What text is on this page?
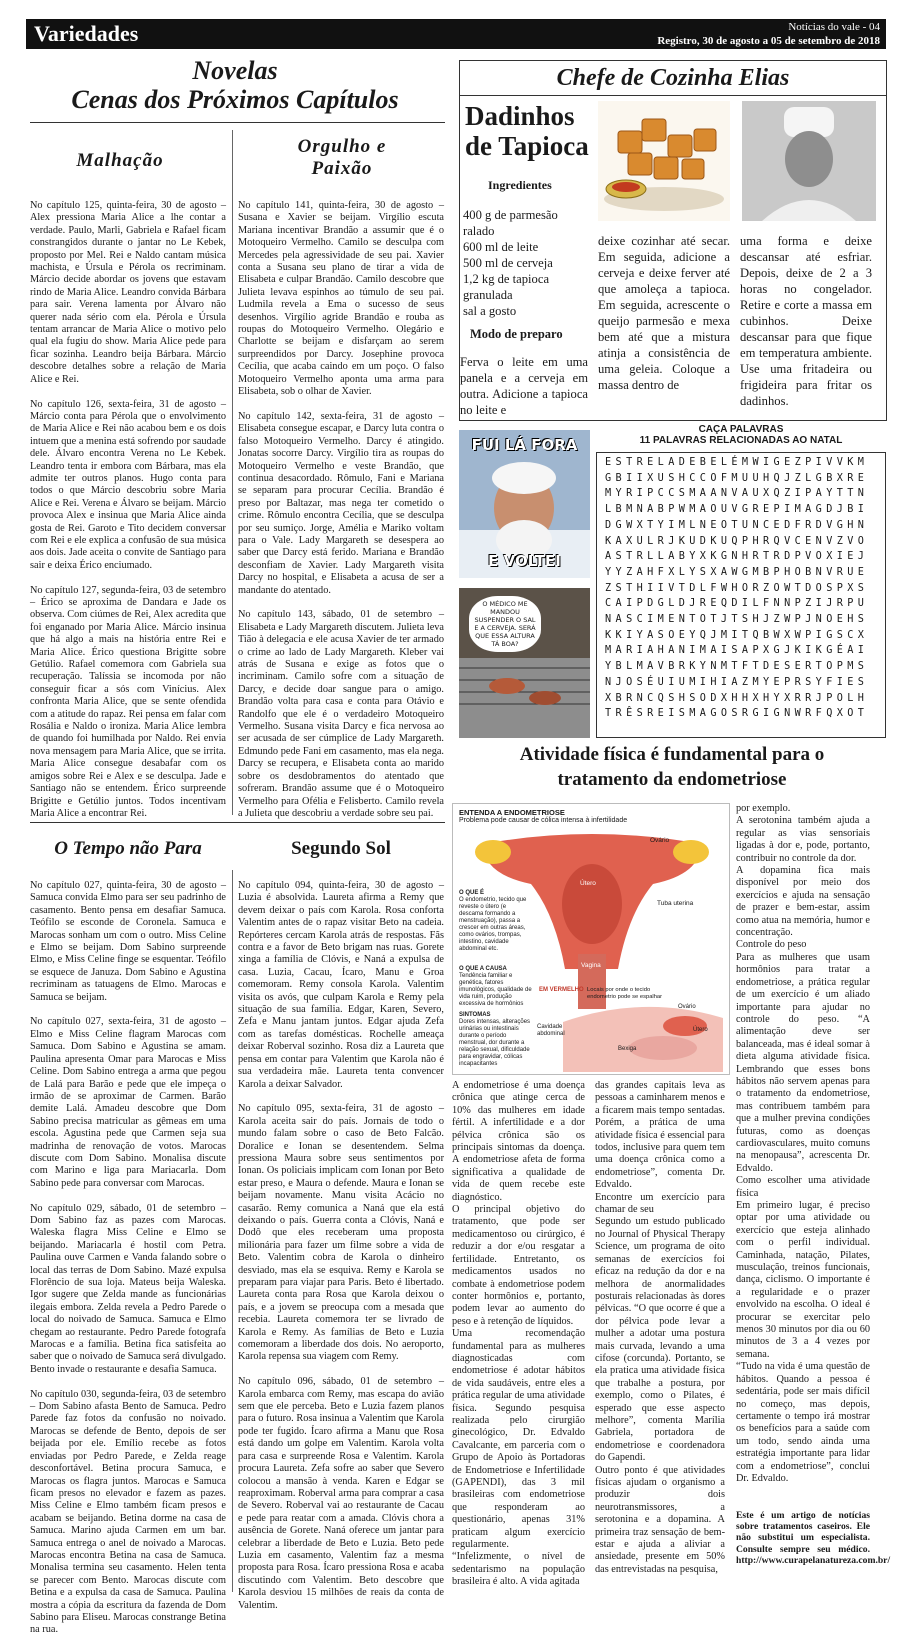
Variedades	Notícias do vale - 04
Registro, 30 de agosto a 05 de setembro de 2018
Novelas
Cenas dos Próximos Capítulos
Malhação
Orgulho e
Paixão
No capítulo 125, quinta-feira, 30 de agosto – Alex pressiona Maria Alice a lhe contar a verdade. Paulo, Marli, Gabriela e Rafael ficam constrangidos durante o jantar no Le Kebek, proposto por Mel. Rei e Naldo cantam música machista, e Úrsula e Pérola os recriminam. Márcio decide abordar os jovens que estavam rindo de Maria Alice. Leandro convida Bárbara para sair. Verena lamenta por Álvaro não querer nada sério com ela. Pérola e Úrsula tentam arrancar de Maria Alice o motivo pelo qual ela fugiu do show. Maria Alice pede para ficar sozinha. Leandro beija Bárbara. Márcio descobre detalhes sobre a relação de Maria Alice e Rei.

No capítulo 126, sexta-feira, 31 de agosto – Márcio conta para Pérola que o envolvimento de Maria Alice e Rei não acabou bem e os dois intuem que a menina está sofrendo por saudade dele. Álvaro encontra Verena no Le Kebek. Leandro tenta ir embora com Bárbara, mas ela admite ter outros planos. Hugo conta para todos o que Márcio descobriu sobre Maria Alice e Rei. Verena e Álvaro se beijam. Márcio provoca Alex e insinua que Maria Alice ainda gosta de Rei. Garoto e Tito decidem conversar com Rei e ele explica a confusão de sua música aos dois. Jade aceita o convite de Santiago para sair e deixa Érico enciumado.

No capítulo 127, segunda-feira, 03 de setembro – Érico se aproxima de Dandara e Jade os observa. Com ciúmes de Rei, Alex acredita que foi enganado por Maria Alice. Márcio insinua que há algo a mais na história entre Rei e Maria Alice. Érico questiona Brigitte sobre Getúlio. Rafael comemora com Gabriela sua recuperação. Talíssia se incomoda por não conseguir ficar a sós com Vinícius. Alex confronta Maria Alice, que se sente ofendida com a atitude do rapaz. Rei pensa em falar com Rosália e Naldo o ironiza. Maria Alice lembra de quando foi humilhada por Naldo. Rei envia nova mensagem para Maria Alice, que se irrita. Maria Alice consegue desabafar com os amigos sobre Rei e Alex e se desculpa. Jade e Santiago não se entendem. Érico surpreende Brigitte e Getúlio juntos. Todos incentivam Maria Alice a encontrar Rei.
No capítulo 141, quinta-feira, 30 de agosto – Susana e Xavier se beijam. Virgílio escuta Mariana incentivar Brandão a assumir que é o Motoqueiro Vermelho. Camilo se desculpa com Mercedes pela agressividade de seu pai. Xavier conta a Susana seu plano de tirar a vida de Elisabeta e culpar Brandão. Camilo descobre que Julieta levava espinhos ao túmulo de seu pai. Ludmila revela a Ema o sucesso de seus desenhos. Virgílio agride Brandão e rouba as roupas do Motoqueiro Vermelho. Olegário e Charlotte se beijam e disfarçam ao serem surpreendidos por Darcy. Josephine provoca Cecília, que acaba caindo em um poço. O falso Motoqueiro Vermelho aponta uma arma para Elisabeta, sob o olhar de Xavier.

No capítulo 142, sexta-feira, 31 de agosto – Elisabeta consegue escapar, e Darcy luta contra o falso Motoqueiro Vermelho. Darcy é atingido. Jonatas socorre Darcy. Virgílio tira as roupas do Motoqueiro Vermelho e veste Brandão, que continua desacordado. Rômulo, Fani e Mariana se separam para procurar Cecília. Brandão é preso por Baltazar, mas nega ter cometido o crime. Rômulo encontra Cecília, que se desculpa por seu sumiço. Jorge, Amélia e Mariko voltam para o Vale. Lady Margareth se desespera ao saber que Darcy está ferido. Mariana e Brandão desconfiam de Xavier. Lady Margareth visita Darcy no hospital, e Elisabeta a acusa de ser a mandante do atentado.

No capítulo 143, sábado, 01 de setembro – Elisabeta e Lady Margareth discutem. Julieta leva Tião à delegacia e ele acusa Xavier de ter armado o crime ao lado de Lady Margareth. Kleber vai atrás de Susana e exige as fotos que o incriminam. Camilo sofre com a situação de Darcy, e decide doar sangue para o amigo. Brandão volta para casa e conta para Otávio e Randolfo que ele é o verdadeiro Motoqueiro Vermelho. Susana visita Darcy e fica nervosa ao ser acusada de ser cúmplice de Lady Margareth. Edmundo pede Fani em casamento, mas ela nega. Darcy se recupera, e Elisabeta conta ao marido sobre os desdobramentos do atentado que sofreram. Brandão assume que é o Motoqueiro Vermelho para Ofélia e Felisberto. Camilo revela a Julieta que descobriu a verdade sobre seu pai.
O Tempo não Para	Segundo Sol
No capítulo 027, quinta-feira, 30 de agosto – Samuca convida Elmo para ser seu padrinho de casamento. Bento pensa em desafiar Samuca. Teófilo se esconde de Coronela. Samuca e Marocas sonham um com o outro. Miss Celine e Elmo se beijam. Dom Sabino surpreende Elmo, e Miss Celine finge se esquentar. Teófilo se esquece de Januza. Dom Sabino e Agustina recriminam as tatuagens de Elmo. Marocas e Samuca se beijam.

No capítulo 027, sexta-feira, 31 de agosto – Elmo e Miss Celine flagram Marocas com Samuca. Dom Sabino e Agustina se amam. Paulina apresenta Omar para Marocas e Miss Celine. Dom Sabino entrega a arma que pegou de Lalá para Barão e pede que ele impeça o irmão de se aproximar de Carmen. Barão demite Lalá. Amadeu descobre que Dom Sabino precisa matricular as gêmeas em uma escola. Agustina pede que Carmen seja sua madrinha de renovação de votos. Marocas discute com Dom Sabino. Monalisa discute com Marino e liga para Mariacarla. Dom Sabino pede para conversar com Marocas.

No capítulo 029, sábado, 01 de setembro – Dom Sabino faz as pazes com Marocas. Waleska flagra Miss Celine e Elmo se beijando. Mariacarla é hostil com Petra. Paulina ouve Carmen e Vanda falando sobre o local das terras de Dom Sabino. Mazé expulsa Florêncio de sua loja. Mateus beija Waleska. Igor sugere que Zelda mande as funcionárias ilegais embora. Zelda revela a Pedro Parede o local do noivado de Samuca. Samuca e Elmo chegam ao restaurante. Pedro Parede fotografa Marocas e a família. Betina fica satisfeita ao saber que o noivado de Samuca será divulgado. Bento invade o restaurante e desafia Samuca.

No capítulo 030, segunda-feira, 03 de setembro – Dom Sabino afasta Bento de Samuca. Pedro Parede faz fotos da confusão no noivado. Marocas se defende de Bento, depois de ser beijada por ele. Emílio recebe as fotos enviadas por Pedro Parede, e Zelda reage desconfortável. Betina procura Samuca, e Marocas os flagra juntos. Marocas e Samuca ficam presos no elevador e fazem as pazes. Miss Celine e Elmo também ficam presos e acabam se beijando. Betina dorme na casa de Samuca. Marino ajuda Carmen em um bar. Samuca entrega o anel de noivado a Marocas. Marocas encontra Betina na casa de Samuca. Monalisa termina seu casamento. Helen tenta se parecer com Bento. Marocas discute com Betina e a expulsa da casa de Samuca. Paulina mostra a cópia da escritura da fazenda de Dom Sabino para Eliseu. Marocas constrange Betina na rua.
No capítulo 094, quinta-feira, 30 de agosto – Luzia é absolvida. Laureta afirma a Remy que devem deixar o país com Karola. Rosa conforta Valentim antes de o rapaz visitar Beto na cadeia. Repórteres cercam Karola atrás de respostas. Fãs contra e a favor de Beto brigam nas ruas. Gorete xinga a família de Clóvis, e Naná a expulsa de casa. Luzia, Cacau, Ícaro, Manu e Groa comemoram. Remy consola Karola. Valentim visita os avós, que culpam Karola e Remy pela situação de sua família. Edgar, Karen, Severo, Zefa e Manu jantam juntos. Edgar ajuda Zefa com as tarefas domésticas. Rochelle ameaça deixar Roberval sozinho. Rosa diz a Laureta que pensa em contar para Valentim que Karola não é sua verdadeira mãe. Laureta tenta convencer Karola a deixar Salvador.

No capítulo 095, sexta-feira, 31 de agosto – Karola aceita sair do país. Jornais de todo o mundo falam sobre o caso de Beto Falcão. Doralice e Ionan se desentendem. Selma pressiona Maura sobre seus sentimentos por Ionan. Os policiais implicam com Ionan por Beto estar preso, e Maura o defende. Maura e Ionan se beijam novamente. Manu visita Acácio no casarão. Remy comunica a Naná que ela está deixando o país. Guerra conta a Clóvis, Naná e Dodô que eles receberam uma proposta milionária para fazer um filme sobre a vida de Beto. Valentim cobra de Karola o dinheiro desviado, mas ela se esquiva. Remy e Karola se preparam para viajar para Paris. Beto é libertado. Laureta conta para Rosa que Karola deixou o país, e a jovem se preocupa com a mesada que recebia. Laureta comemora ter se livrado de Karola e Remy. As famílias de Beto e Luzia comemoram a liberdade dos dois. No aeroporto, Karola repensa sua viagem com Remy.

No capítulo 096, sábado, 01 de setembro – Karola embarca com Remy, mas escapa do avião sem que ele perceba. Beto e Luzia fazem planos para o futuro. Rosa insinua a Valentim que Karola pode ter fugido. Ícaro afirma a Manu que Rosa está dando um golpe em Valentim. Karola volta para casa e surpreende Rosa e Valentim. Karola procura Laureta. Zefa sofre ao saber que Severo colocou a mansão à venda. Karen e Edgar se reaproximam. Roberval arma para comprar a casa de Severo. Roberval vai ao restaurante de Cacau e pede para reatar com a amada. Clóvis chora a ausência de Gorete. Naná oferece um jantar para celebrar a liberdade de Beto e Luzia. Beto pede Luzia em casamento, Valentim faz a mesma proposta para Rosa. Ícaro pressiona Rosa e acaba discutindo com Valentim. Beto descobre que Karola desviou 15 milhões de reais da conta de Valentim.
Chefe de Cozinha Elias
Dadinhos
de Tapioca
Ingredientes
400 g de parmesão ralado
600 ml de leite
500 ml de cerveja
1,2 kg de tapioca granulada
sal a gosto
Modo de preparo
Ferva o leite em uma panela e a cerveja em outra. Adicione a tapioca no leite e
deixe cozinhar até secar. Em seguida, adicione a cerveja e deixe ferver até que amoleça a tapioca. Em seguida, acrescente o queijo parmesão e mexa bem até que a mistura atinja a consistência de uma geleia. Coloque a massa dentro de
uma forma e deixe descansar até esfriar. Depois, deixe de 2 a 3 horas no congelador. Retire e corte a massa em cubinhos. Deixe descansar para que fique em temperatura ambiente. Use uma fritadeira ou frigideira para fritar os dadinhos.
FUI LÁ FORA
E VOLTEI
O MÉDICO ME MANDOU SUSPENDER O SAL E A CERVEJA. SERÁ QUE ESSA ALTURA TÁ BOA?
CAÇA PALAVRAS
11 PALAVRAS RELACIONADAS AO NATAL
ESTRELADEBELÉMWIGEZPIVVKM
GBIIXUSHCCOFMUUHQJZLGBXRE
MYRIPCCSMAANVAUXQZIPAYTTN
LBMNABPWMAOUVGREPIMAGDJBI
DGWXTYIMLNEOTUNCEDFRDVGHN
KAXULRJKUDKUQPHRQVCENVZVO
ASTRLLABYXKGNHRTRDPVOXIEJ
YYZAHFXLYSXAWGMBPHOBNVRUE
ZSTHIIVTDLFWHORZOWTDOSPXS
CAIPDGLDJREQDILFNNPZIJRPU
NASCIMENTOTJTSHJZWPJNOEHS
KKIYASOEYQJMITQBWXWPIGSCX
MARIAHANIMAISAPXGJKIKGÉAI
YBLMAVBRKYNMTFTDESERTOPMS
NJOSÉUIUMIHIAZMYEPRSYFIES
XBRNCQSHSODXHHXHYXRRJPOLH
TRÊSREISMAGOSRGIGNWRFQXOT
Atividade física é fundamental para o
tratamento da endometriose
ENTENDA A ENDOMETRIOSE
Problema pode causar de cólica intensa à infertilidade
Ovário
Útero
Tuba uterina
Vagina
O QUE É
O endometrio, tecido que reveste o útero (e descama formando a menstruação), passa a crescer em outras áreas, como ovários, trompas, intestino, cavidade abdominal etc.
O QUE A CAUSA
Tendência familiar e genética, fatores imunológicos, qualidade de vida ruim, produção excessiva de hormônios
EM VERMELHO Locais por onde o tecido endometrio pode se espalhar
SINTOMAS
Dores intensas, alterações urinárias ou intestinais durante o período menstrual, dor durante a relação sexual, dificuldade para engravidar, cólicas incapacitantes
Ovário
Útero
Cavidade abdominal
Bexiga
A endometriose é uma doença crônica que atinge cerca de 10% das mulheres em idade fértil. A infertilidade e a dor pélvica crônica são os principais sintomas da doença. A endometriose afeta de forma significativa a qualidade de vida de quem recebe este diagnóstico.
O principal objetivo do tratamento, que pode ser medicamentoso ou cirúrgico, é reduzir a dor e/ou resgatar a fertilidade. Entretanto, os medicamentos usados no combate à endometriose podem conter hormônios e, portanto, podem levar ao aumento do peso e à retenção de líquidos.
Uma recomendação fundamental para as mulheres diagnosticadas com endometriose é adotar hábitos de vida saudáveis, entre eles a prática regular de uma atividade física. Segundo pesquisa realizada pelo cirurgião ginecológico, Dr. Edvaldo Cavalcante, em parceria com o Grupo de Apoio às Portadoras de Endometriose e Infertilidade (GAPENDI), das 3 mil brasileiras com endometriose que responderam ao questionário, apenas 31% praticam algum exercício regularmente.
“Infelizmente, o nível de sedentarismo na população brasileira é alto. A vida agitada
das grandes capitais leva as pessoas a caminharem menos e a ficarem mais tempo sentadas. Porém, a prática de uma atividade física é essencial para todos, inclusive para quem tem uma doença crônica como a endometriose”, comenta Dr. Edvaldo.
Encontre um exercício para chamar de seu
Segundo um estudo publicado no Journal of Physical Therapy Science, um programa de oito semanas de exercícios foi eficaz na redução da dor e na melhora de anormalidades posturais relacionadas às dores pélvicas. “O que ocorre é que a dor pélvica pode levar a mulher a adotar uma postura mais curvada, levando a uma cifose (corcunda). Portanto, se ela pratica uma atividade física que trabalhe a postura, por exemplo, como o Pilates, é esperado que esse aspecto melhore”, comenta Marília Gabriela, portadora de endometriose e coordenadora do Gapendi.
Outro ponto é que atividades físicas ajudam o organismo a produzir dois neurotransmissores, a serotonina e a dopamina. A primeira traz sensação de bem-estar e ajuda a aliviar a ansiedade, presente em 50% das entrevistadas na pesquisa,
por exemplo.
A serotonina também ajuda a regular as vias sensoriais ligadas à dor e, pode, portanto, contribuir no controle da dor.
A dopamina fica mais disponível por meio dos exercícios e ajuda na sensação de prazer e bem-estar, assim como atua na memória, humor e concentração.
Controle do peso
Para as mulheres que usam hormônios para tratar a endometriose, a prática regular de um exercício é um aliado importante para ajudar no controle do peso. “A alimentação deve ser balanceada, mas é ideal somar à dieta alguma atividade física. Lembrando que esses bons hábitos não servem apenas para o tratamento da endometriose, mas contribuem também para que a mulher previna condições futuras, como as doenças cardiovasculares, muito comuns na menopausa”, acrescenta Dr. Edvaldo.
Como escolher uma atividade física
Em primeiro lugar, é preciso optar por uma atividade ou exercício que esteja alinhado com o perfil individual. Caminhada, natação, Pilates, musculação, treinos funcionais, dança, ciclismo. O importante é a regularidade e o prazer envolvido na escolha. O ideal é procurar se exercitar pelo menos 30 minutos por dia ou 60 minutos de 3 a 4 vezes por semana.
“Tudo na vida é uma questão de hábitos. Quando a pessoa é sedentária, pode ser mais difícil no começo, mas depois, certamente o tempo irá mostrar os benefícios para a saúde com um todo, sendo ainda uma estratégia importante para lidar com a endometriose”, conclui Dr. Edvaldo.
Este é um artigo de notícias sobre tratamentos caseiros. Ele não substitui um especialista. Consulte sempre seu médico. http://www.curapelanatureza.com.br/
